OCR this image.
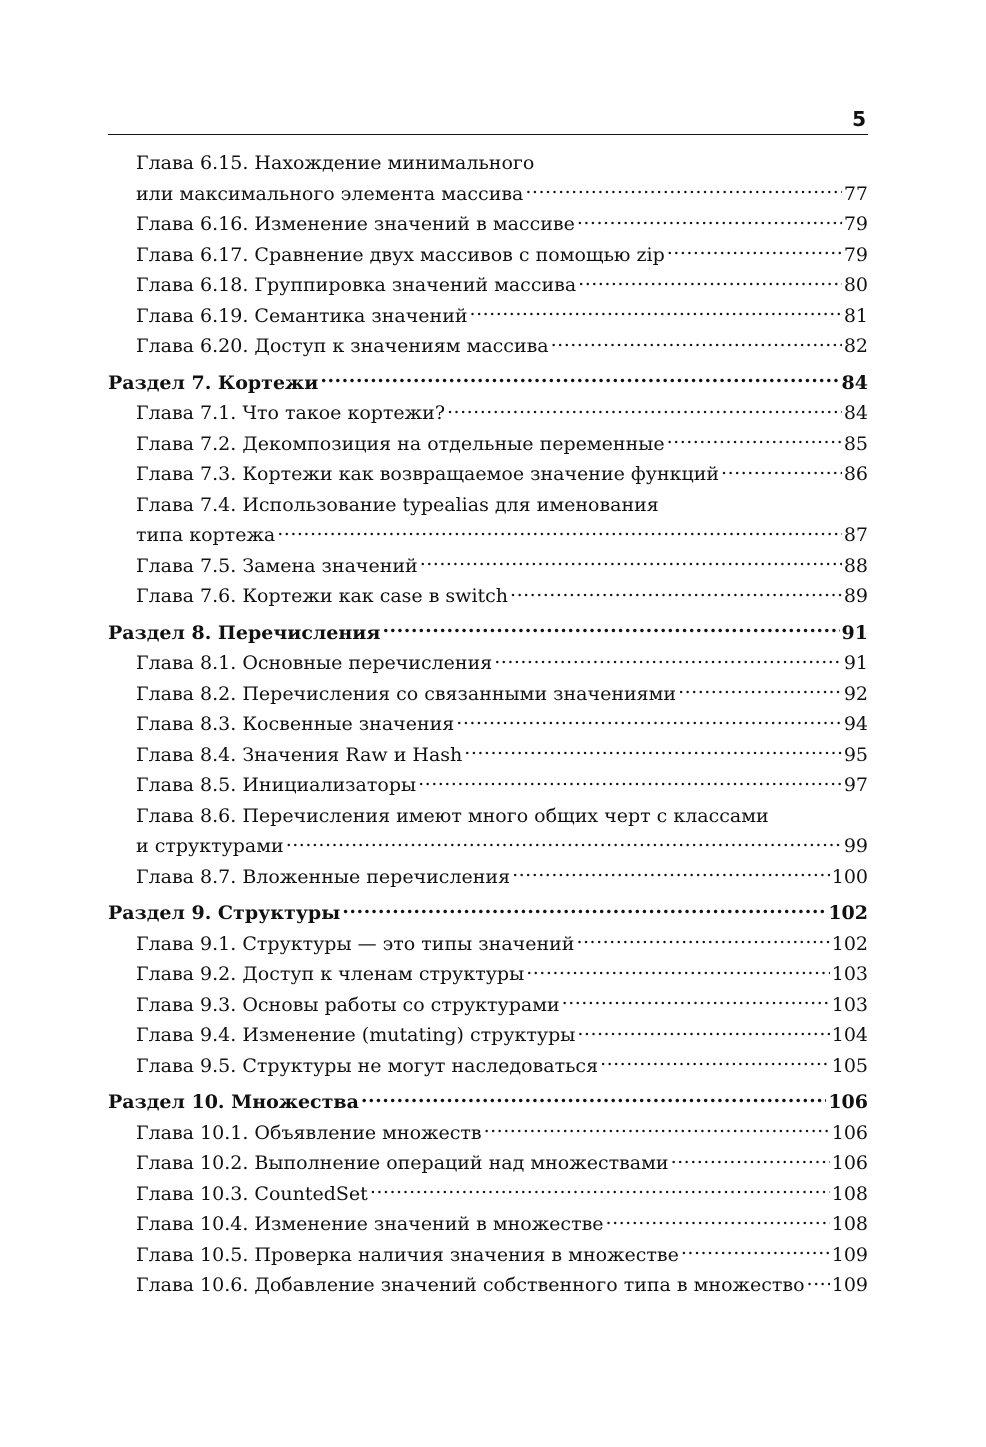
5
Глава 6.15. Нахождение минимального
или максимального элемента массива .....	77
Глава 6.16. Изменение значений в массиве .....	79
Глава 6.17. Сравнение двух массивов с помощью zip .....	79
Глава 6.18. Группировка значений массива .....	80
Глава 6.19. Семантика значений .....	81
Глава 6.20. Доступ к значениям массива .....	82
Раздел 7. Кортежи .....	84
Глава 7.1. Что такое кортежи? .....	84
Глава 7.2. Декомпозиция на отдельные переменные .....	85
Глава 7.3. Кортежи как возвращаемое значение функций .....	86
Глава 7.4. Использование typealias для именования
типа кортежа .....	87
Глава 7.5. Замена значений .....	88
Глава 7.6. Кортежи как case в switch .....	89
Раздел 8. Перечисления .....	91
Глава 8.1. Основные перечисления .....	91
Глава 8.2. Перечисления со связанными значениями .....	92
Глава 8.3. Косвенные значения .....	94
Глава 8.4. Значения Raw и Hash .....	95
Глава 8.5. Инициализаторы .....	97
Глава 8.6. Перечисления имеют много общих черт с классами
и структурами .....	99
Глава 8.7. Вложенные перечисления .....	100
Раздел 9. Структуры .....	102
Глава 9.1. Структуры — это типы значений .....	102
Глава 9.2. Доступ к членам структуры .....	103
Глава 9.3. Основы работы со структурами .....	103
Глава 9.4. Изменение (mutating) структуры .....	104
Глава 9.5. Структуры не могут наследоваться .....	105
Раздел 10. Множества .....	106
Глава 10.1. Объявление множеств .....	106
Глава 10.2. Выполнение операций над множествами .....	106
Глава 10.3. CountedSet .....	108
Глава 10.4. Изменение значений в множестве .....	108
Глава 10.5. Проверка наличия значения в множестве .....	109
Глава 10.6. Добавление значений собственного типа в множество ..... 109
